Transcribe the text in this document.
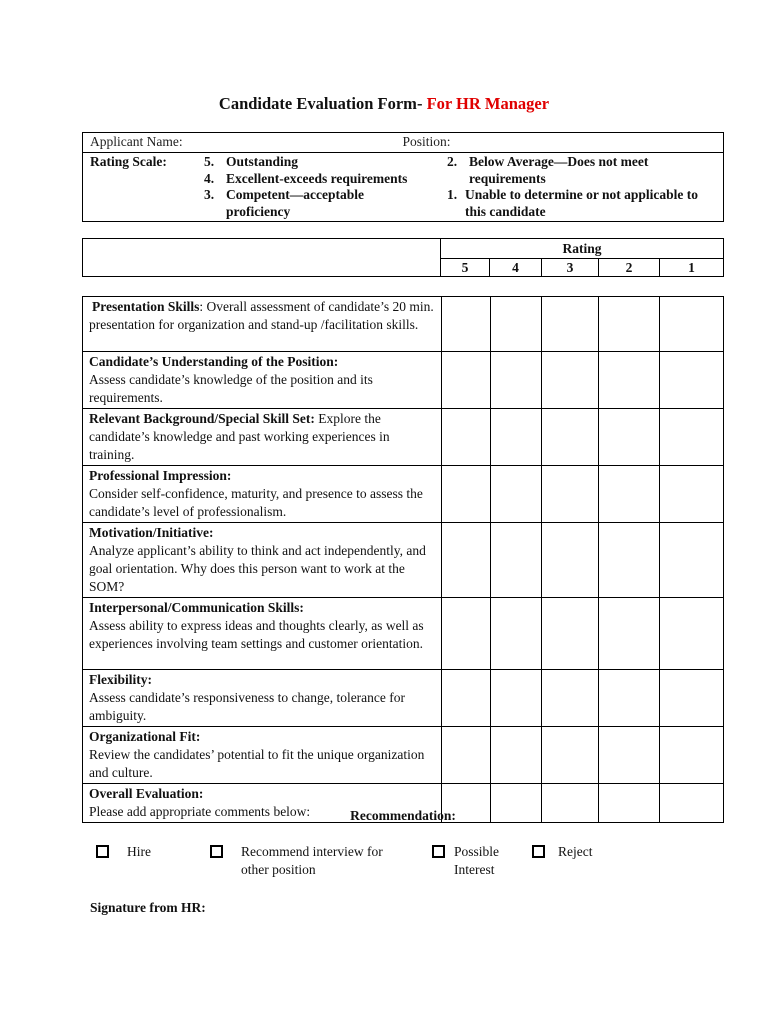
Candidate Evaluation Form- For HR Manager
Applicant Name:	Position:

Rating Scale:	5. Outstanding
4. Excellent-exceeds requirements
3. Competent—acceptable proficiency
2. Below Average—Does not meet requirements
1. Unable to determine or not applicable to this candidate
	Rating				
	5	4	3	2	1
Presentation Skills: Overall assessment of candidate’s 20 min. presentation for organization and stand-up /facilitation skills.					
Candidate’s Understanding of the Position:
Assess candidate’s knowledge of the position and its requirements.					
Relevant Background/Special Skill Set: Explore the candidate’s knowledge and past working experiences in training.					
Professional Impression:
Consider self-confidence, maturity, and presence to assess the candidate’s level of professionalism.					
Motivation/Initiative:
Analyze applicant’s ability to think and act independently, and goal orientation. Why does this person want to work at the SOM?					
Interpersonal/Communication Skills:
Assess ability to express ideas and thoughts clearly, as well as experiences involving team settings and customer orientation.					
Flexibility:
Assess candidate’s responsiveness to change, tolerance for ambiguity.					
Organizational Fit:
Review the candidates’ potential to fit the unique organization and culture.					
Overall Evaluation:
Please add appropriate comments below:						Recommendation:
Hire	Recommend interview for other position
Possible Interest
Reject
Signature from HR:
